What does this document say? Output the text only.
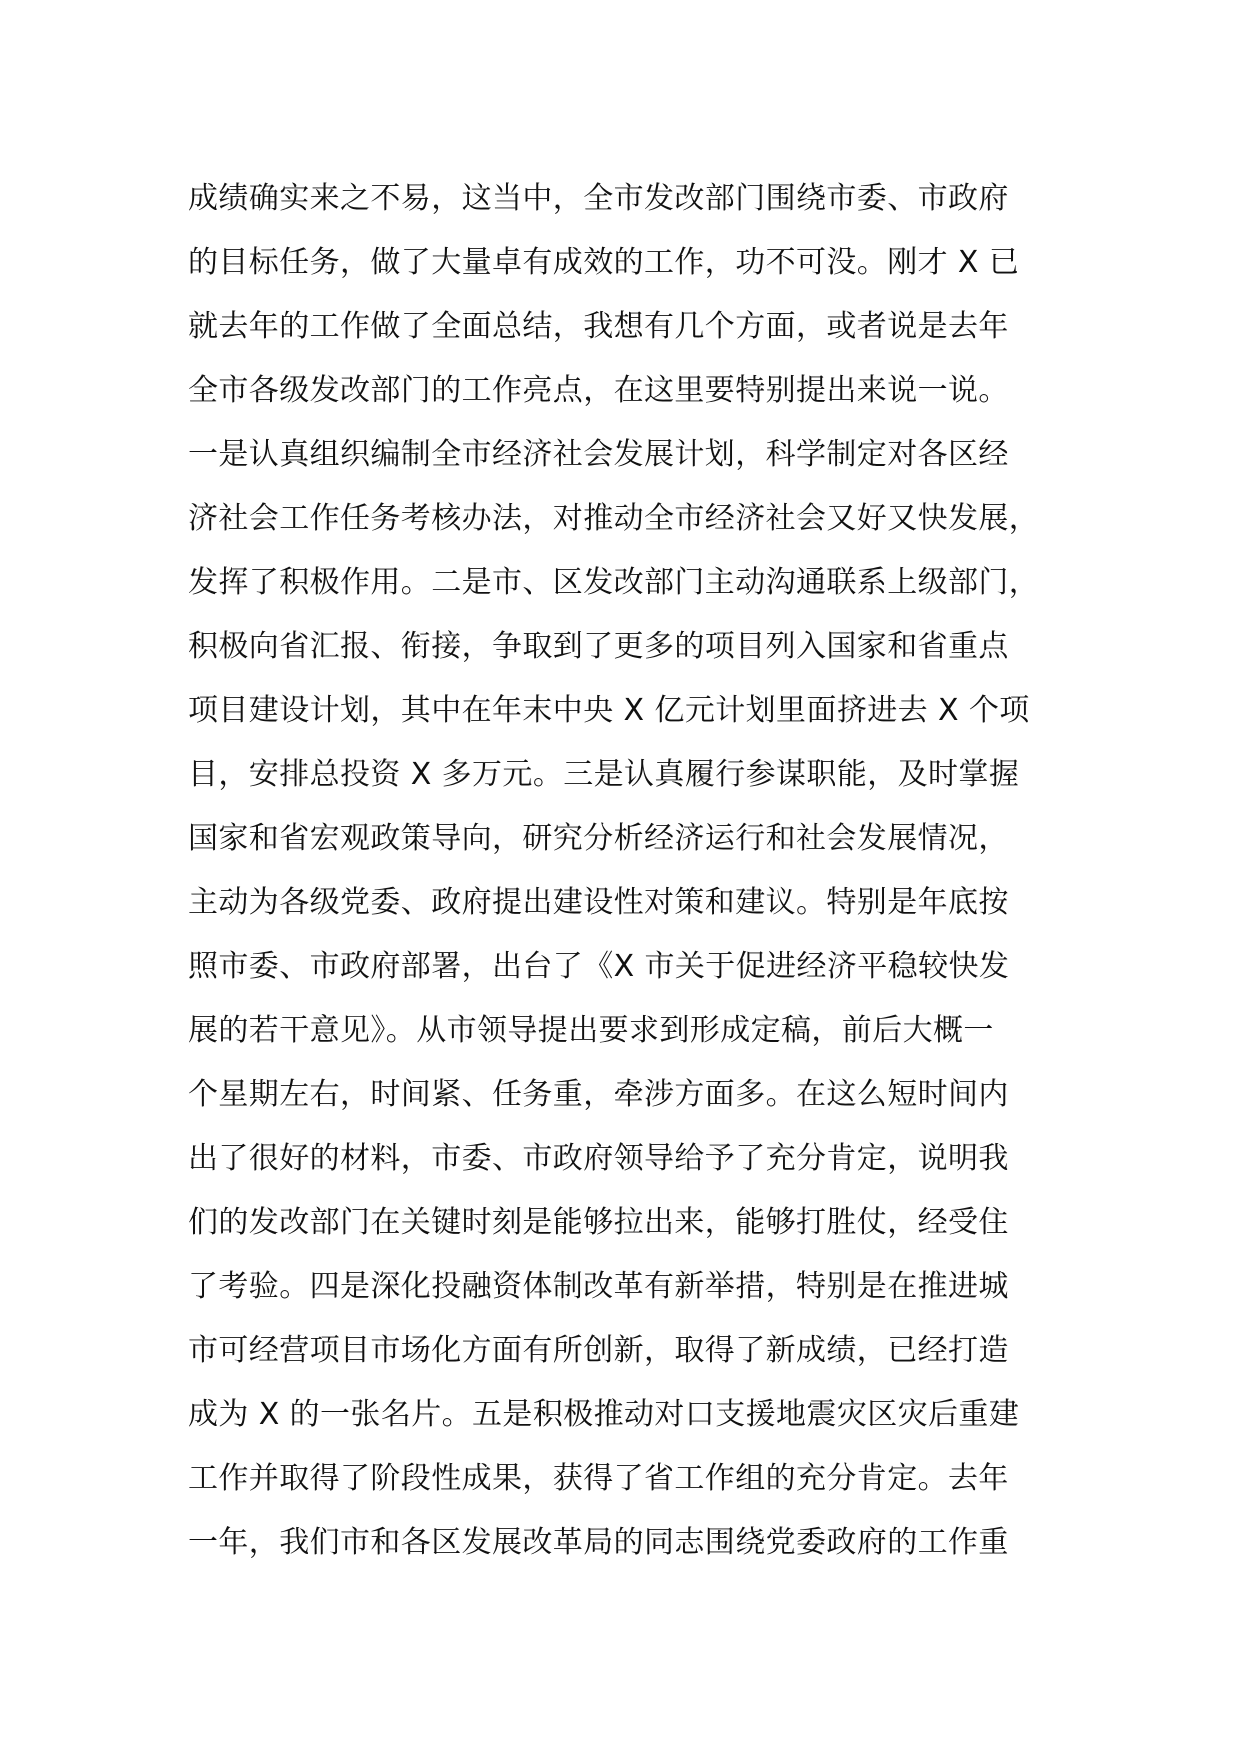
成绩确实来之不易，这当中，全市发改部门围绕市委、市政府
的目标任务，做了大量卓有成效的工作，功不可没。刚才 X 已
就去年的工作做了全面总结，我想有几个方面，或者说是去年
全市各级发改部门的工作亮点，在这里要特别提出来说一说。
一是认真组织编制全市经济社会发展计划，科学制定对各区经
济社会工作任务考核办法，对推动全市经济社会又好又快发展，
发挥了积极作用。二是市、区发改部门主动沟通联系上级部门，
积极向省汇报、衔接，争取到了更多的项目列入国家和省重点
项目建设计划，其中在年末中央 X 亿元计划里面挤进去 X 个项
目，安排总投资 X 多万元。三是认真履行参谋职能，及时掌握
国家和省宏观政策导向，研究分析经济运行和社会发展情况，
主动为各级党委、政府提出建设性对策和建议。特别是年底按
照市委、市政府部署，出台了《X 市关于促进经济平稳较快发
展的若干意见》。从市领导提出要求到形成定稿，前后大概一
个星期左右，时间紧、任务重，牵涉方面多。在这么短时间内
出了很好的材料，市委、市政府领导给予了充分肯定，说明我
们的发改部门在关键时刻是能够拉出来，能够打胜仗，经受住
了考验。四是深化投融资体制改革有新举措，特别是在推进城
市可经营项目市场化方面有所创新，取得了新成绩，已经打造
成为 X 的一张名片。五是积极推动对口支援地震灾区灾后重建
工作并取得了阶段性成果，获得了省工作组的充分肯定。去年
一年，我们市和各区发展改革局的同志围绕党委政府的工作重
